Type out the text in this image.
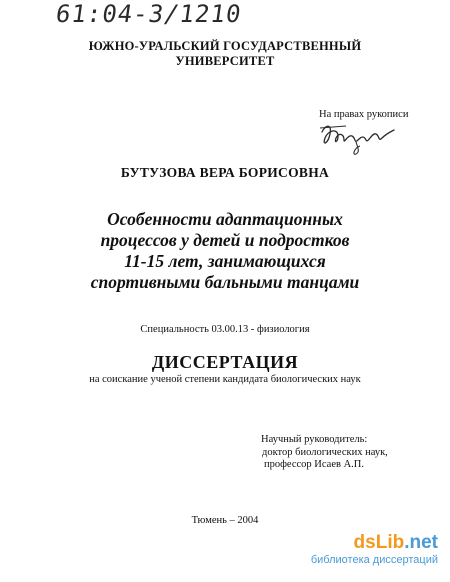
61:04-3/1210
ЮЖНО-УРАЛЬСКИЙ ГОСУДАРСТВЕННЫЙ
УНИВЕРСИТЕТ
На правах рукописи
БУТУЗОВА ВЕРА БОРИСОВНА
Особенности адаптационных
процессов у детей и подростков
11-15 лет, занимающихся
спортивными бальными танцами
Специальность 03.00.13 - физиология
ДИССЕРТАЦИЯ
на соискание ученой степени кандидата биологических наук
Научный руководитель:
доктор биологических наук,
профессор Исаев А.П.
Тюмень – 2004
dsLib.net
библиотека диссертаций
